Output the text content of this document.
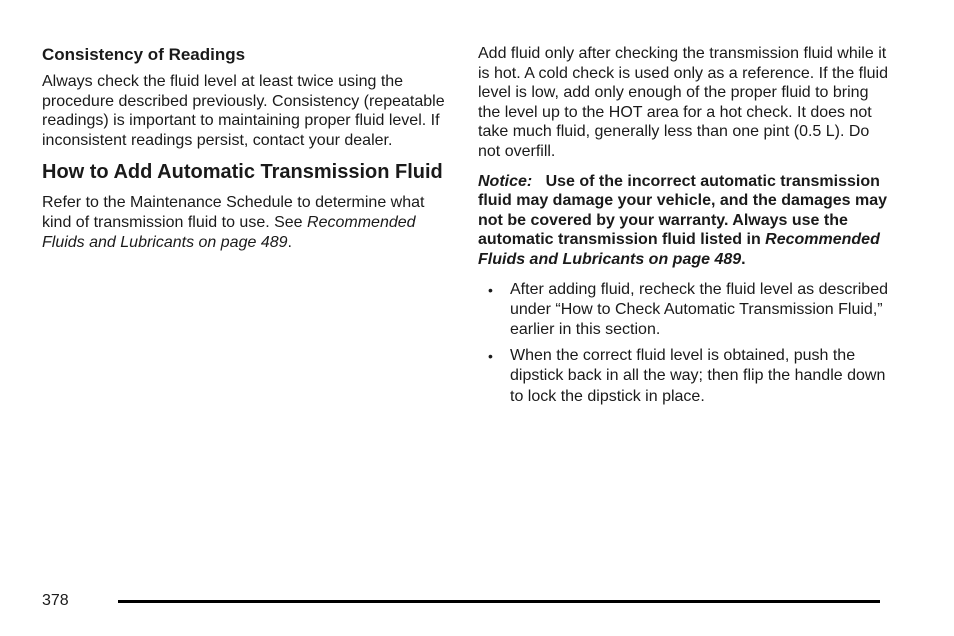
Consistency of Readings

Always check the fluid level at least twice using the procedure described previously. Consistency (repeatable readings) is important to maintaining proper fluid level. If inconsistent readings persist, contact your dealer.

How to Add Automatic Transmission Fluid

Refer to the Maintenance Schedule to determine what kind of transmission fluid to use. See Recommended Fluids and Lubricants on page 489.

Add fluid only after checking the transmission fluid while it is hot. A cold check is used only as a reference. If the fluid level is low, add only enough of the proper fluid to bring the level up to the HOT area for a hot check. It does not take much fluid, generally less than one pint (0.5 L). Do not overfill.

Notice: Use of the incorrect automatic transmission fluid may damage your vehicle, and the damages may not be covered by your warranty. Always use the automatic transmission fluid listed in Recommended Fluids and Lubricants on page 489.
• After adding fluid, recheck the fluid level as described under “How to Check Automatic Transmission Fluid,” earlier in this section.
• When the correct fluid level is obtained, push the dipstick back in all the way; then flip the handle down to lock the dipstick in place.
378
